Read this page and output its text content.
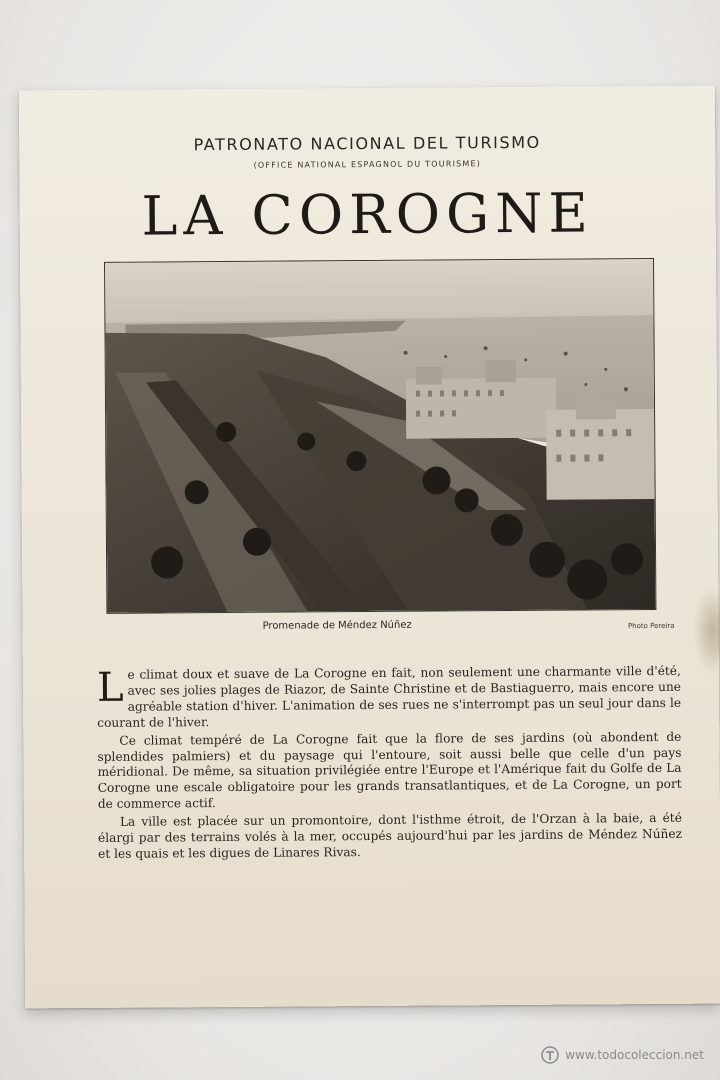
PATRONATO NACIONAL DEL TURISMO
(OFFICE NATIONAL ESPAGNOL DU TOURISME)
LA COROGNE
Promenade de Méndez Núñez	Photo Pereira

Le climat doux et suave de La Corogne en fait, non seulement une charmante ville d'été, avec ses jolies plages de Riazor, de Sainte Christine et de Bastiaguerro, mais encore une agréable station d'hiver. L'animation de ses rues ne s'interrompt pas un seul jour dans le courant de l'hiver.

Ce climat tempéré de La Corogne fait que la flore de ses jardins (où abondent de splendides palmiers) et du paysage qui l'entoure, soit aussi belle que celle d'un pays méridional. De même, sa situation privilégiée entre l'Europe et l'Amérique fait du Golfe de La Corogne une escale obligatoire pour les grands transatlantiques, et de La Corogne, un port de commerce actif.

La ville est placée sur un promontoire, dont l'isthme étroit, de l'Orzan à la baie, a été élargi par des terrains volés à la mer, occupés aujourd'hui par les jardins de Méndez Núñez et les quais et les digues de Linares Rivas.

www.todocoleccion.net
